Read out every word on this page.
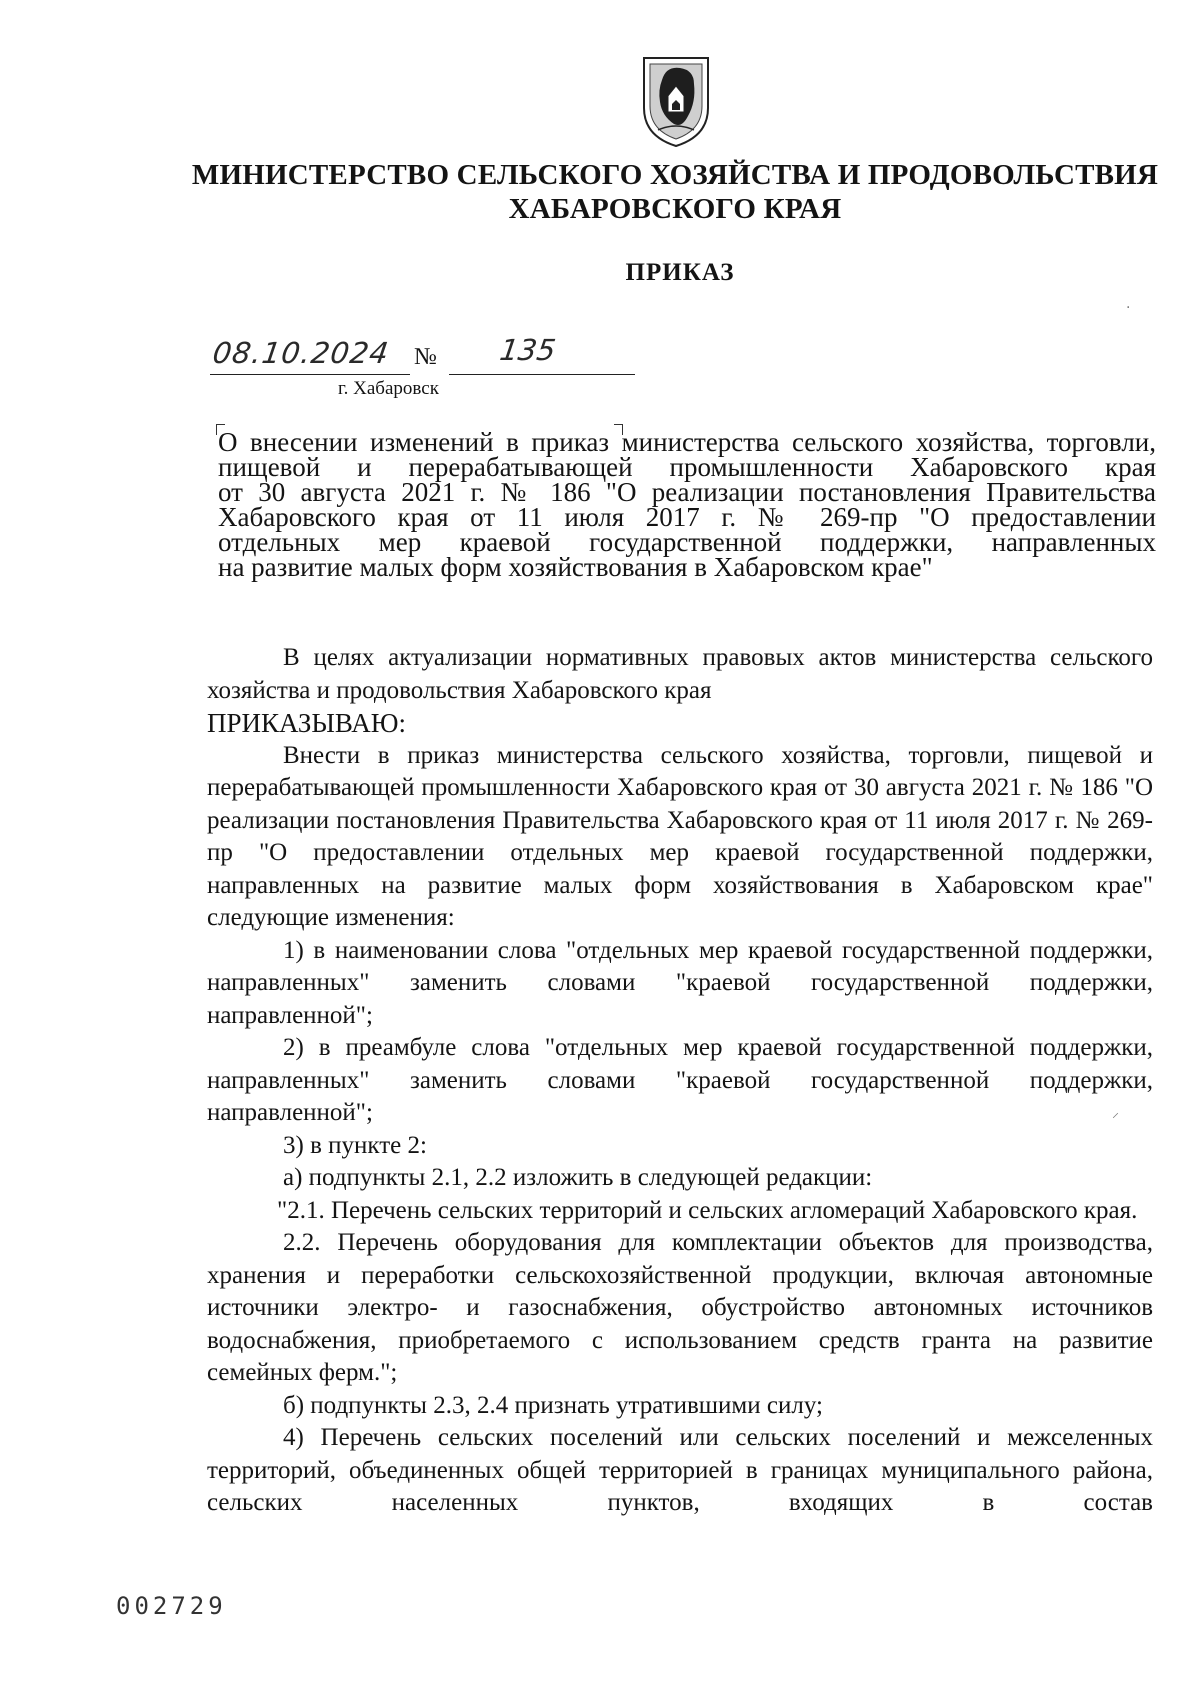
МИНИСТЕРСТВО СЕЛЬСКОГО ХОЗЯЙСТВА И ПРОДОВОЛЬСТВИЯ
ХАБАРОВСКОГО КРАЯ
ПРИКАЗ
08.10.2024 № 135
г. Хабаровск
О внесении изменений в приказ министерства сельского хозяйства, торговли,
пищевой и перерабатывающей промышленности Хабаровского края
от 30 августа 2021 г. № 186 "О реализации постановления Правительства
Хабаровского края от 11 июля 2017 г. № 269-пр "О предоставлении
отдельных мер краевой государственной поддержки, направленных
на развитие малых форм хозяйствования в Хабаровском крае"

В целях актуализации нормативных правовых актов министерства сельского хозяйства и продовольствия Хабаровского края

ПРИКАЗЫВАЮ:

Внести в приказ министерства сельского хозяйства, торговли, пищевой и перерабатывающей промышленности Хабаровского края от 30 августа 2021 г. № 186 "О реализации постановления Правительства Хабаровского края от 11 июля 2017 г. № 269-пр "О предоставлении отдельных мер краевой государственной поддержки, направленных на развитие малых форм хозяйствования в Хабаровском крае" следующие изменения:

1) в наименовании слова "отдельных мер краевой государственной поддержки, направленных" заменить словами "краевой государственной поддержки, направленной";

2) в преамбуле слова "отдельных мер краевой государственной поддержки, направленных" заменить словами "краевой государственной поддержки, направленной";

3) в пункте 2:

а) подпункты 2.1, 2.2 изложить в следующей редакции:

"2.1. Перечень сельских территорий и сельских агломераций Хабаровского края.

2.2. Перечень оборудования для комплектации объектов для производства, хранения и переработки сельскохозяйственной продукции, включая автономные источники электро- и газоснабжения, обустройство автономных источников водоснабжения, приобретаемого с использованием средств гранта на развитие семейных ферм.";

б) подпункты 2.3, 2.4 признать утратившими силу;

4) Перечень сельских поселений или сельских поселений и межселенных территорий, объединенных общей территорией в границах муниципального района, сельских населенных пунктов, входящих в состав

002729
⸝
·
